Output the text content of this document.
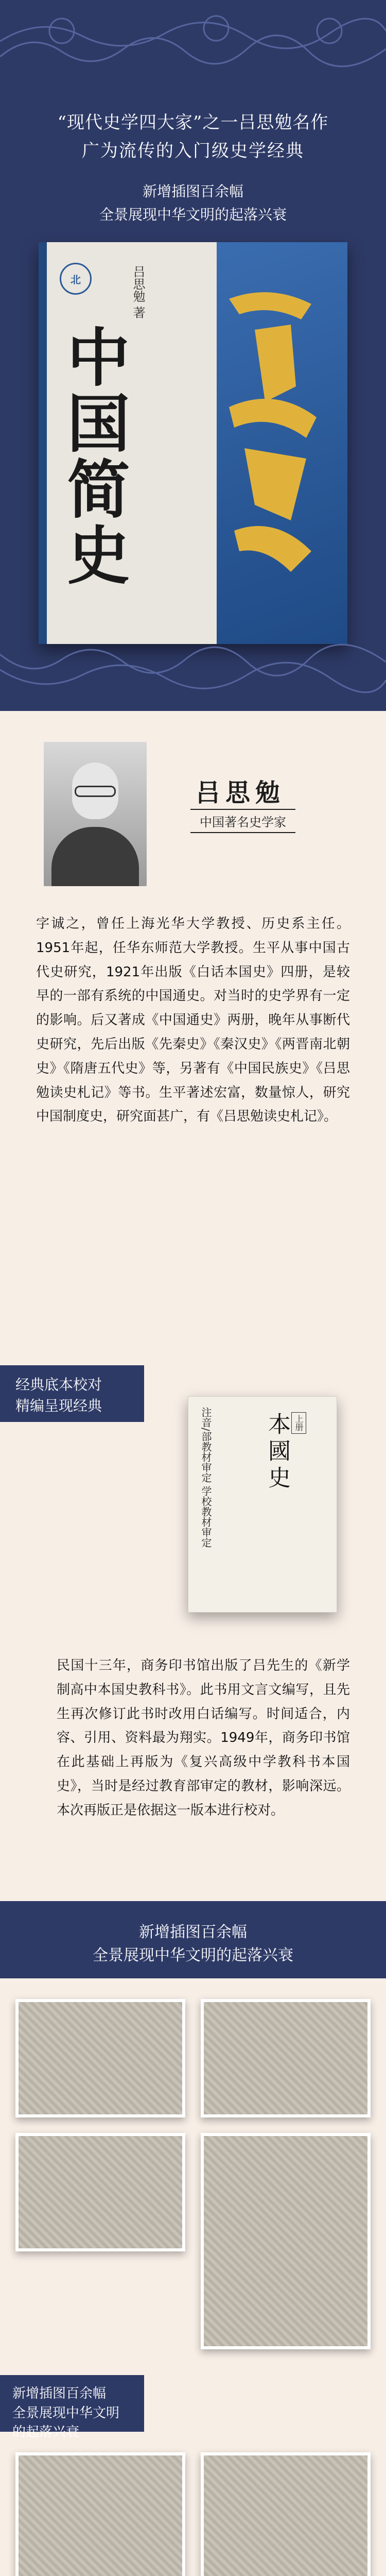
“现代史学四大家”之一吕思勉名作
广为流传的入门级史学经典
新增插图百余幅
全景展现中华文明的起落兴衰
北	吕思勉 著
中国简史
吕思勉
中国著名史学家

字诚之，曾任上海光华大学教授、历史系主任。1951年起，任华东师范大学教授。生平从事中国古代史研究，1921年出版《白话本国史》四册，是较早的一部有系统的中国通史。对当时的史学界有一定的影响。后又著成《中国通史》两册，晚年从事断代史研究，先后出版《先秦史》《秦汉史》《两晋南北朝史》《隋唐五代史》等，另著有《中国民族史》《吕思勉读史札记》等书。生平著述宏富，数量惊人，研究中国制度史，研究面甚广，有《吕思勉读史札记》。

经典底本校对
精编呈现经典
注音/部教材审定 学校教材审定 本國史 上册

民国十三年，商务印书馆出版了吕先生的《新学制高中本国史教科书》。此书用文言文编写，且先生再次修订此书时改用白话编写。时间适合，内容、引用、资料最为翔实。1949年，商务印书馆在此基础上再版为《复兴高级中学教科书本国史》，当时是经过教育部审定的教材，影响深远。本次再版正是依据这一版本进行校对。

新增插图百余幅
全景展现中华文明的起落兴衰
新增插图百余幅
全景展现中华文明的起落兴衰
